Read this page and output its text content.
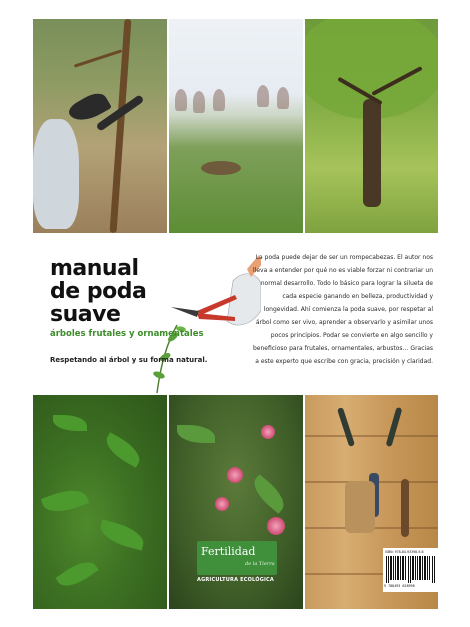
manual
de poda
suave

árboles frutales y ornamentales

Respetando al árbol y su forma natural.

La poda puede dejar de ser un rompecabezas. El autor nos lleva a entender por qué no es viable forzar ni contrariar un normal desarrollo. Todo lo básico para lograr la silueta de cada especie ganando en belleza, productividad y longevidad. Ahí comienza la poda suave, por respetar al árbol como ser vivo, aprender a observarlo y asimilar unos pocos principios. Podar se convierte en algo sencillo y beneficioso para frutales, ornamentales, arbustos… Gracias a este experto que escribe con gracia, precisión y claridad.

Fertilidad
de la Tierra
AGRICULTURA ECOLÓGICA
ISBN: 978-84-93398-9-8
9 788493 628998
